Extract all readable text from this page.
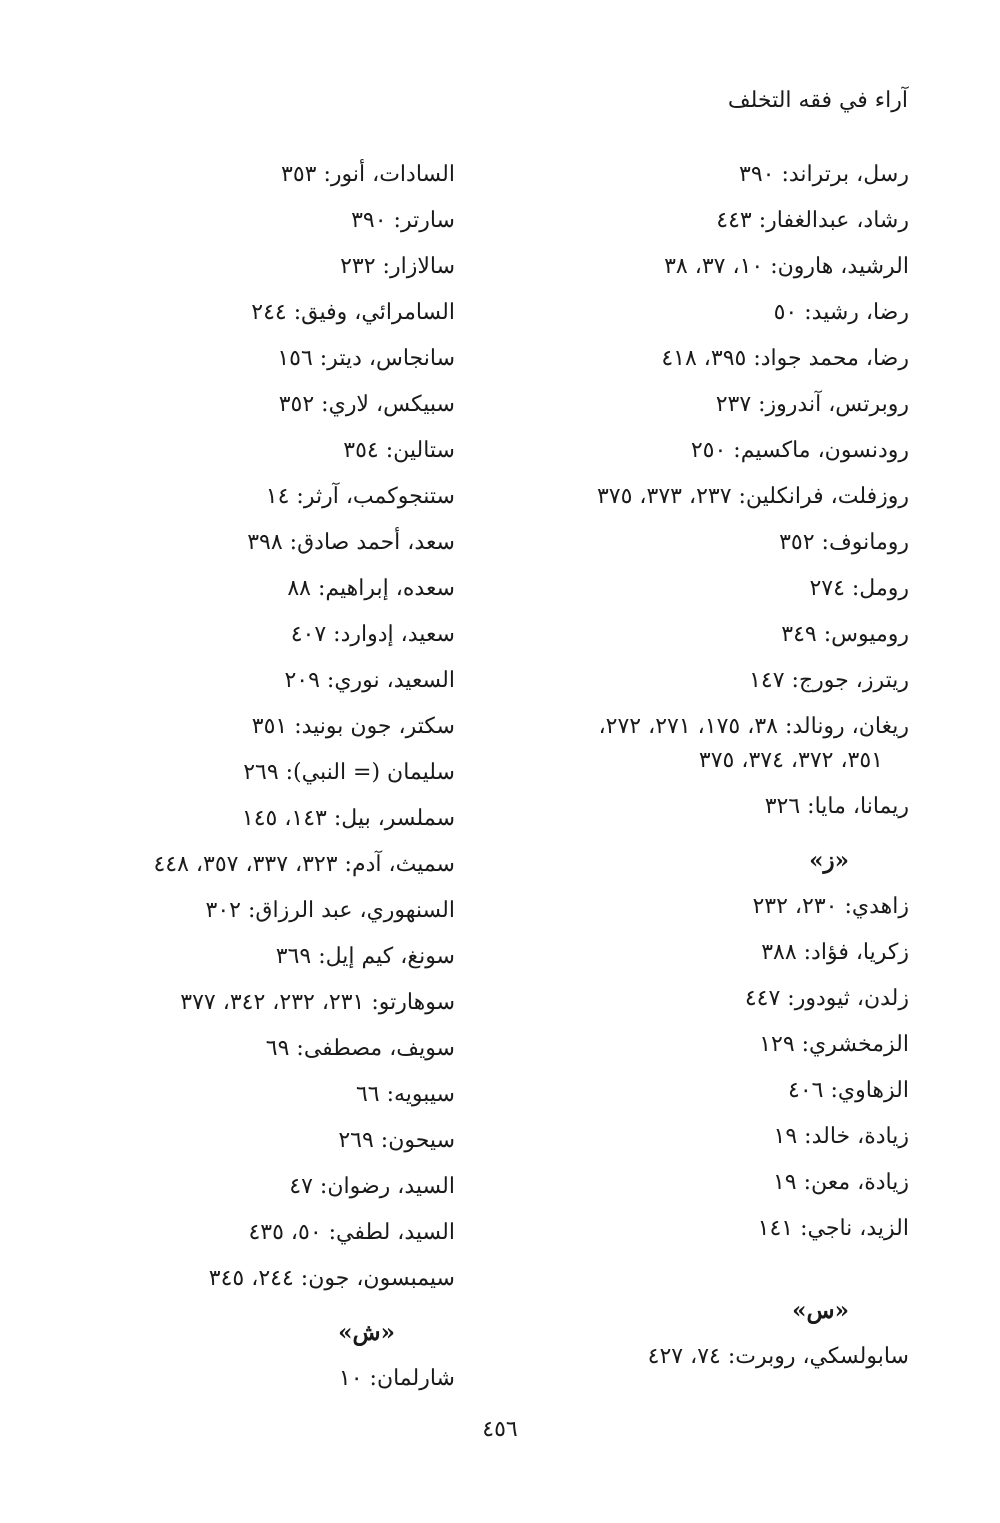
آراء في فقه التخلف
رسل، برتراند: ٣٩٠
رشاد، عبدالغفار: ٤٤٣
الرشيد، هارون: ١٠، ٣٧، ٣٨
رضا، رشيد: ٥٠
رضا، محمد جواد: ٣٩٥، ٤١٨
روبرتس، آندروز: ٢٣٧
رودنسون، ماكسيم: ٢٥٠
روزفلت، فرانكلين: ٢٣٧، ٣٧٣، ٣٧٥
رومانوف: ٣٥٢
رومل: ٢٧٤
روميوس: ٣٤٩
ريترز، جورج: ١٤٧
ريغان، رونالد: ٣٨، ١٧٥، ٢٧١، ٢٧٢،
٣٥١، ٣٧٢، ٣٧٤، ٣٧٥
ريمانا، مايا: ٣٢٦
«ز»
زاهدي: ٢٣٠، ٢٣٢
زكريا، فؤاد: ٣٨٨
زلدن، ثيودور: ٤٤٧
الزمخشري: ١٢٩
الزهاوي: ٤٠٦
زيادة، خالد: ١٩
زيادة، معن: ١٩
الزيد، ناجي: ١٤١
«س»
سابولسكي، روبرت: ٧٤، ٤٢٧
السادات، أنور: ٣٥٣
سارتر: ٣٩٠
سالازار: ٢٣٢
السامرائي، وفيق: ٢٤٤
سانجاس، ديتر: ١٥٦
سبيكس، لاري: ٣٥٢
ستالين: ٣٥٤
ستنجوكمب، آرثر: ١٤
سعد، أحمد صادق: ٣٩٨
سعده، إبراهيم: ٨٨
سعيد، إدوارد: ٤٠٧
السعيد، نوري: ٢٠٩
سكتر، جون بونيد: ٣٥١
سليمان (= النبي): ٢٦٩
سملسر، بيل: ١٤٣، ١٤٥
سميث، آدم: ٣٢٣، ٣٣٧، ٣٥٧، ٤٤٨
السنهوري، عبد الرزاق: ٣٠٢
سونغ، كيم إيل: ٣٦٩
سوهارتو: ٢٣١، ٢٣٢، ٣٤٢، ٣٧٧
سويف، مصطفى: ٦٩
سيبويه: ٦٦
سيحون: ٢٦٩
السيد، رضوان: ٤٧
السيد، لطفي: ٥٠، ٤٣٥
سيمبسون، جون: ٢٤٤، ٣٤٥
«ش»
شارلمان: ١٠
٤٥٦
